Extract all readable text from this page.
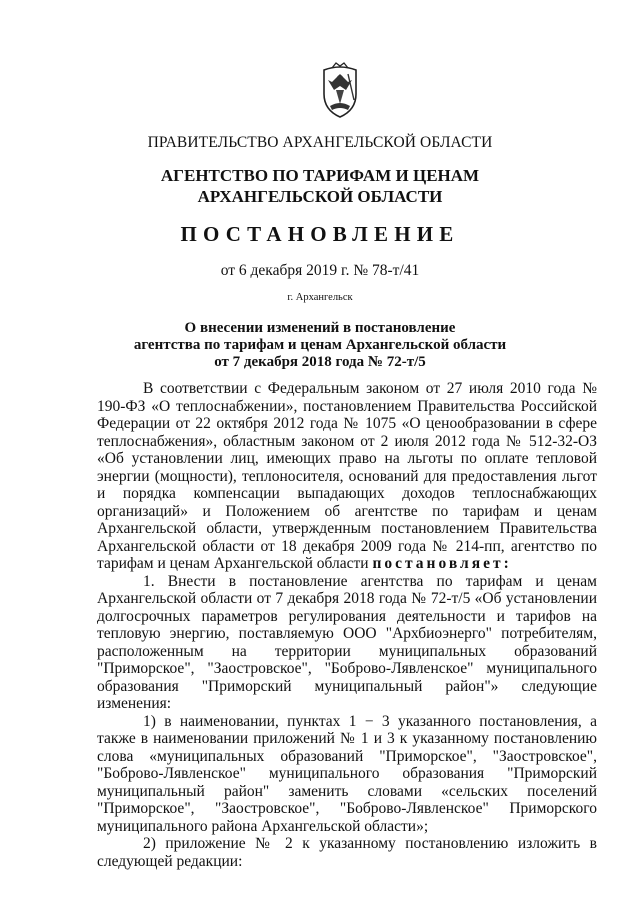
ПРАВИТЕЛЬСТВО АРХАНГЕЛЬСКОЙ ОБЛАСТИ
АГЕНТСТВО ПО ТАРИФАМ И ЦЕНАМ
АРХАНГЕЛЬСКОЙ ОБЛАСТИ
ПОСТАНОВЛЕНИЕ
от 6 декабря 2019 г. № 78-т/41
г. Архангельск
О внесении изменений в постановление
агентства по тарифам и ценам Архангельской области
от 7 декабря 2018 года № 72-т/5

В соответствии с Федеральным законом от 27 июля 2010 года № 190-ФЗ «О теплоснабжении», постановлением Правительства Российской Федерации от 22 октября 2012 года № 1075 «О ценообразовании в сфере теплоснабжения», областным законом от 2 июля 2012 года № 512-32-ОЗ «Об установлении лиц, имеющих право на льготы по оплате тепловой энергии (мощности), теплоносителя, оснований для предоставления льгот и порядка компенсации выпадающих доходов теплоснабжающих организаций» и Положением об агентстве по тарифам и ценам Архангельской области, утвержденным постановлением Правительства Архангельской области от 18 декабря 2009 года № 214-пп, агентство по тарифам и ценам Архангельской области постановляет:

1. Внести в постановление агентства по тарифам и ценам Архангельской области от 7 декабря 2018 года № 72-т/5 «Об установлении долгосрочных параметров регулирования деятельности и тарифов на тепловую энергию, поставляемую ООО "Архбиоэнерго" потребителям, расположенным на территории муниципальных образований "Приморское", "Заостровское", "Боброво-Лявленское" муниципального образования "Приморский муниципальный район"» следующие изменения:

1) в наименовании, пунктах 1 − 3 указанного постановления, а также в наименовании приложений № 1 и 3 к указанному постановлению слова «муниципальных образований "Приморское", "Заостровское", "Боброво-Лявленское" муниципального образования "Приморский муниципальный район" заменить словами «сельских поселений "Приморское", "Заостровское", "Боброво-Лявленское" Приморского муниципального района Архангельской области»;

2) приложение № 2 к указанному постановлению изложить в следующей редакции:
